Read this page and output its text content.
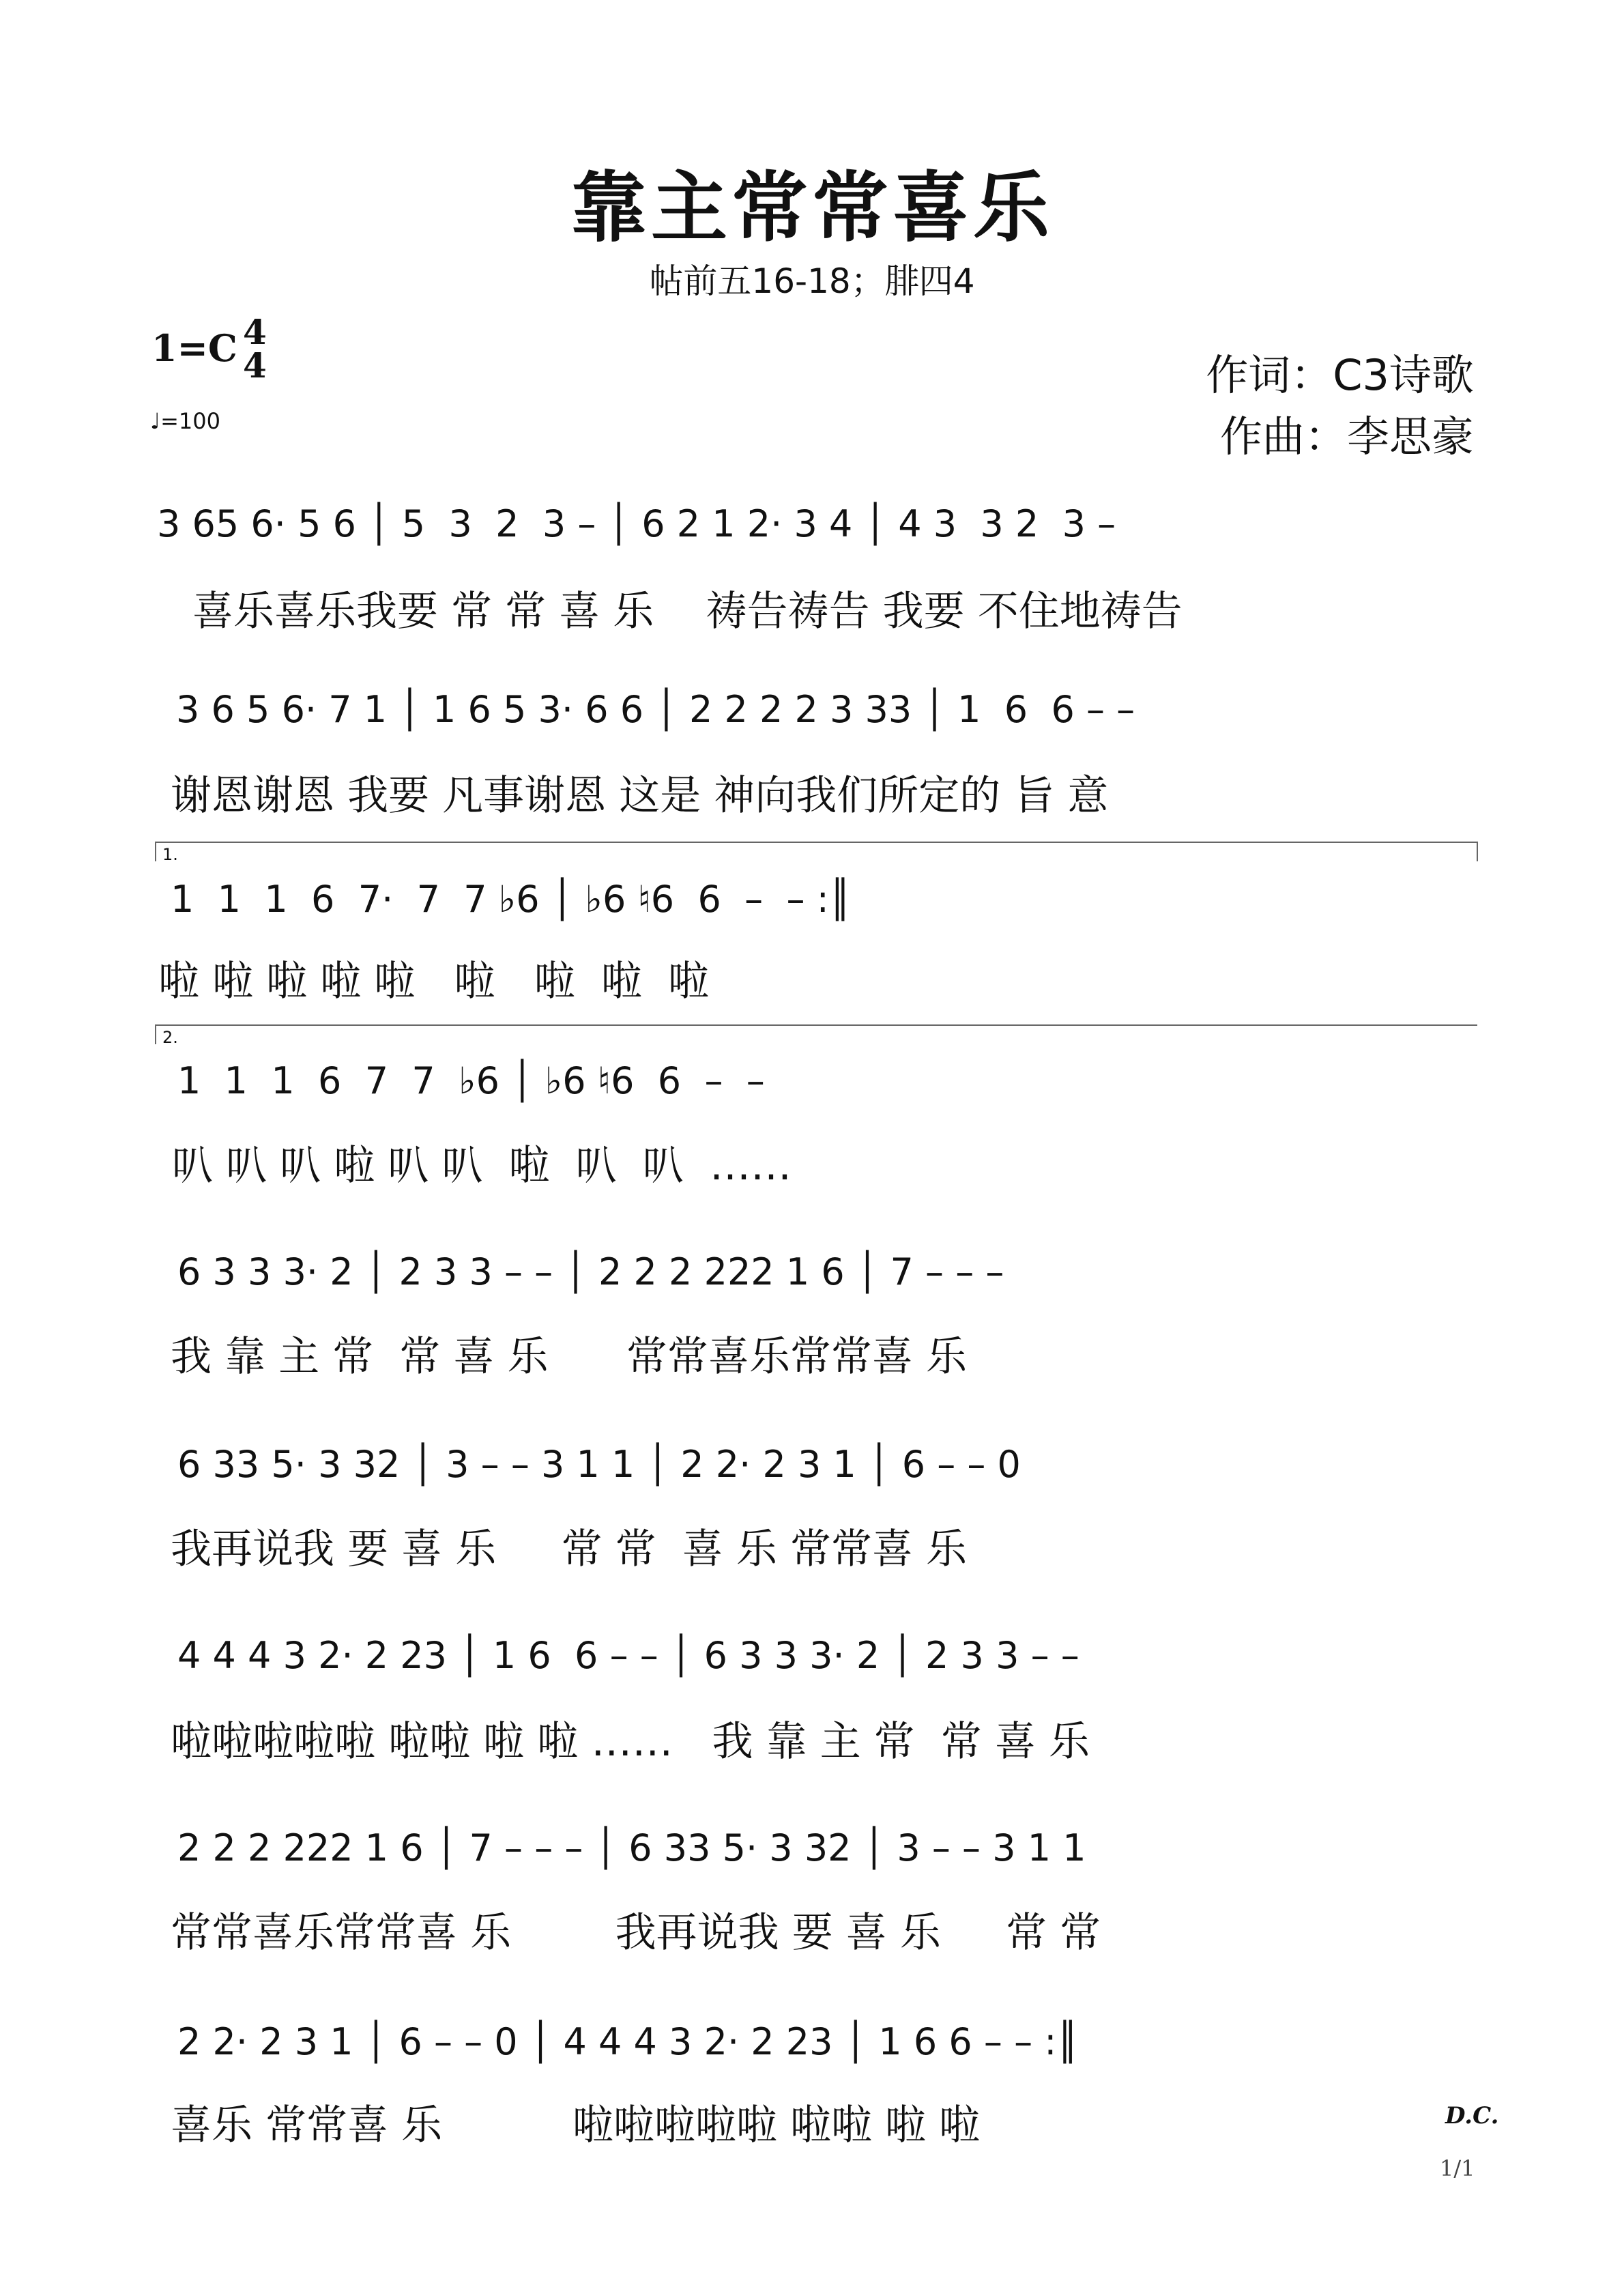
靠主常常喜乐
帖前五16-18；腓四4
1=C 4
4
♩=100
作词：C3诗歌
作曲：李思豪
3 65 6· 5 6 │ 5  3  2  3 – │ 6 2 1 2· 3 4 │ 4 3  3 2  3 –
喜乐喜乐我要 常 常 喜 乐    祷告祷告 我要 不住地祷告
3 6 5 6· 7 1 │ 1 6 5 3· 6 6 │ 2 2 2 2 3 33 │ 1  6  6 – –
谢恩谢恩 我要 凡事谢恩 这是 神向我们所定的 旨 意
1.
1  1  1  6  7·  7  7 ♭6 │ ♭6 ♮6  6  –  – :║
啦 啦 啦 啦 啦   啦   啦  啦  啦
2.
1  1  1  6  7  7  ♭6 │ ♭6 ♮6  6  –  –
叭 叭 叭 啦 叭 叭  啦  叭  叭  ……
6 3 3 3· 2 │ 2 3 3 – – │ 2 2 2 222 1 6 │ 7 – – –
我 靠 主 常  常 喜 乐      常常喜乐常常喜 乐
6 33 5· 3 32 │ 3 – – 3 1 1 │ 2 2· 2 3 1 │ 6 – – 0
我再说我 要 喜 乐     常 常  喜 乐 常常喜 乐
4 4 4 3 2· 2 23 │ 1 6  6 – – │ 6 3 3 3· 2 │ 2 3 3 – –
啦啦啦啦啦 啦啦 啦 啦 ……   我 靠 主 常  常 喜 乐
2 2 2 222 1 6 │ 7 – – – │ 6 33 5· 3 32 │ 3 – – 3 1 1
常常喜乐常常喜 乐        我再说我 要 喜 乐     常 常
2 2· 2 3 1 │ 6 – – 0 │ 4 4 4 3 2· 2 23 │ 1 6 6 – – :║
喜乐 常常喜 乐          啦啦啦啦啦 啦啦 啦 啦	D.C.
1/1
